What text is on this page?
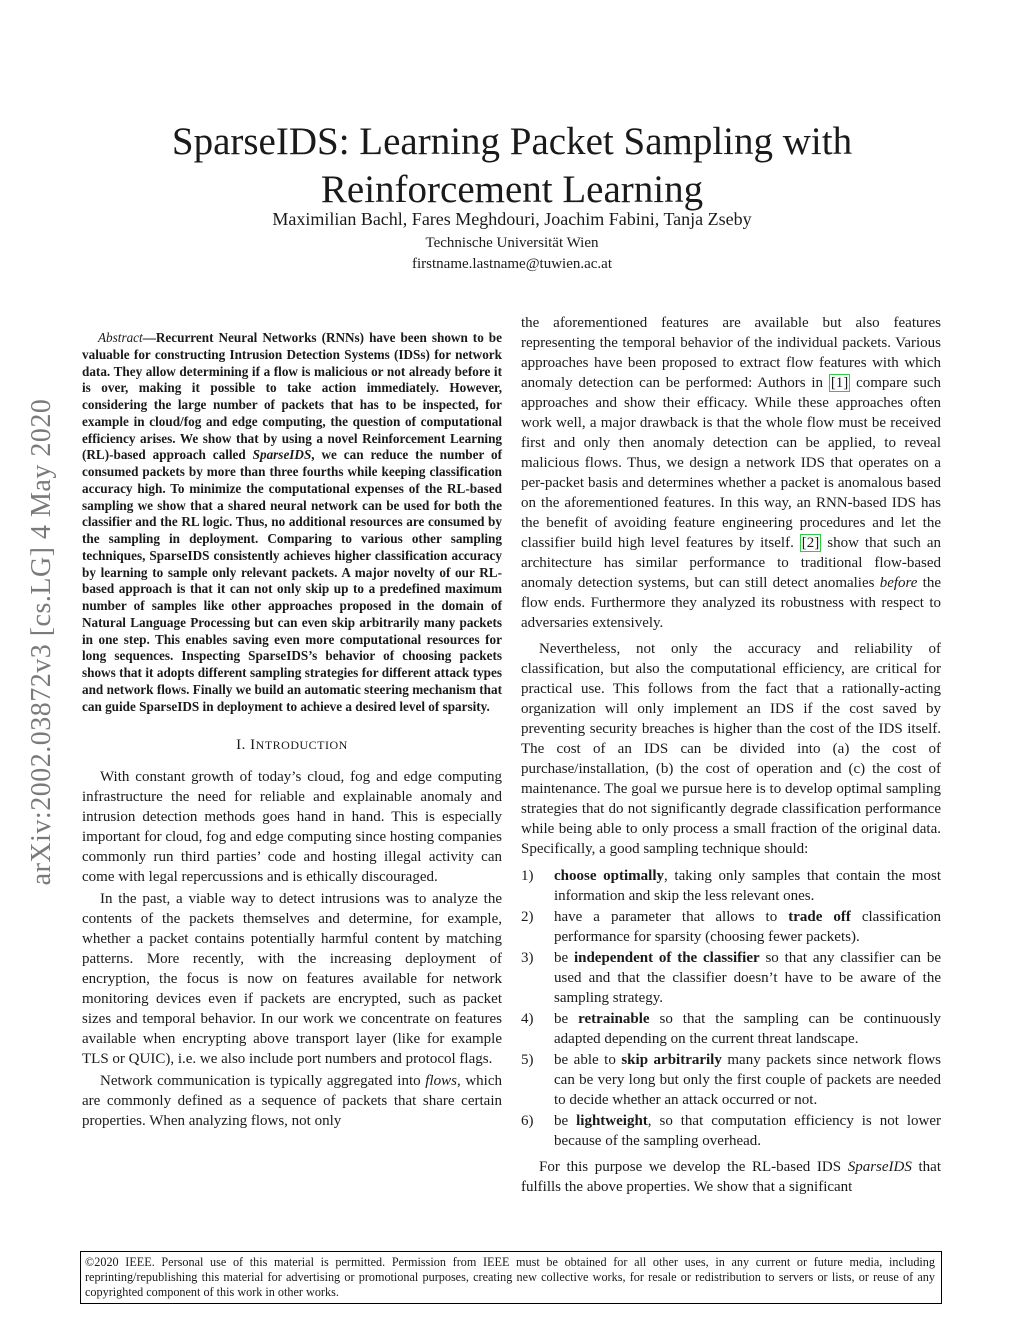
arXiv:2002.03872v3 [cs.LG] 4 May 2020
SparseIDS: Learning Packet Sampling with
Reinforcement Learning
Maximilian Bachl, Fares Meghdouri, Joachim Fabini, Tanja Zseby
Technische Universität Wien
firstname.lastname@tuwien.ac.at

Abstract—Recurrent Neural Networks (RNNs) have been shown to be valuable for constructing Intrusion Detection Systems (IDSs) for network data. They allow determining if a flow is malicious or not already before it is over, making it possible to take action immediately. However, considering the large number of packets that has to be inspected, for example in cloud/fog and edge computing, the question of computational efficiency arises. We show that by using a novel Reinforcement Learning (RL)-based approach called SparseIDS, we can reduce the number of consumed packets by more than three fourths while keeping classification accuracy high. To minimize the computational expenses of the RL-based sampling we show that a shared neural network can be used for both the classifier and the RL logic. Thus, no additional resources are consumed by the sampling in deployment. Comparing to various other sampling techniques, SparseIDS consistently achieves higher classification accuracy by learning to sample only relevant packets. A major novelty of our RL-based approach is that it can not only skip up to a predefined maximum number of samples like other approaches proposed in the domain of Natural Language Processing but can even skip arbitrarily many packets in one step. This enables saving even more computational resources for long sequences. Inspecting SparseIDS’s behavior of choosing packets shows that it adopts different sampling strategies for different attack types and network flows. Finally we build an automatic steering mechanism that can guide SparseIDS in deployment to achieve a desired level of sparsity.

I. INTRODUCTION

With constant growth of today’s cloud, fog and edge computing infrastructure the need for reliable and explainable anomaly and intrusion detection methods goes hand in hand. This is especially important for cloud, fog and edge computing since hosting companies commonly run third parties’ code and hosting illegal activity can come with legal repercussions and is ethically discouraged.

In the past, a viable way to detect intrusions was to analyze the contents of the packets themselves and determine, for example, whether a packet contains potentially harmful content by matching patterns. More recently, with the increasing deployment of encryption, the focus is now on features available for network monitoring devices even if packets are encrypted, such as packet sizes and temporal behavior. In our work we concentrate on features available when encrypting above transport layer (like for example TLS or QUIC), i.e. we also include port numbers and protocol flags.

Network communication is typically aggregated into flows, which are commonly defined as a sequence of packets that share certain properties. When analyzing flows, not only

the aforementioned features are available but also features representing the temporal behavior of the individual packets. Various approaches have been proposed to extract flow features with which anomaly detection can be performed: Authors in [1] compare such approaches and show their efficacy. While these approaches often work well, a major drawback is that the whole flow must be received first and only then anomaly detection can be applied, to reveal malicious flows. Thus, we design a network IDS that operates on a per-packet basis and determines whether a packet is anomalous based on the aforementioned features. In this way, an RNN-based IDS has the benefit of avoiding feature engineering procedures and let the classifier build high level features by itself. [2] show that such an architecture has similar performance to traditional flow-based anomaly detection systems, but can still detect anomalies before the flow ends. Furthermore they analyzed its robustness with respect to adversaries extensively.

Nevertheless, not only the accuracy and reliability of classification, but also the computational efficiency, are critical for practical use. This follows from the fact that a rationally-acting organization will only implement an IDS if the cost saved by preventing security breaches is higher than the cost of the IDS itself. The cost of an IDS can be divided into (a) the cost of purchase/installation, (b) the cost of operation and (c) the cost of maintenance. The goal we pursue here is to develop optimal sampling strategies that do not significantly degrade classification performance while being able to only process a small fraction of the original data. Specifically, a good sampling technique should:

1) choose optimally, taking only samples that contain the most information and skip the less relevant ones.
2) have a parameter that allows to trade off classification performance for sparsity (choosing fewer packets).
3) be independent of the classifier so that any classifier can be used and that the classifier doesn’t have to be aware of the sampling strategy.
4) be retrainable so that the sampling can be continuously adapted depending on the current threat landscape.
5) be able to skip arbitrarily many packets since network flows can be very long but only the first couple of packets are needed to decide whether an attack occurred or not.
6) be lightweight, so that computation efficiency is not lower because of the sampling overhead.

For this purpose we develop the RL-based IDS SparseIDS that fulfills the above properties. We show that a significant

©2020 IEEE. Personal use of this material is permitted. Permission from IEEE must be obtained for all other uses, in any current or future media, including reprinting/republishing this material for advertising or promotional purposes, creating new collective works, for resale or redistribution to servers or lists, or reuse of any copyrighted component of this work in other works.
